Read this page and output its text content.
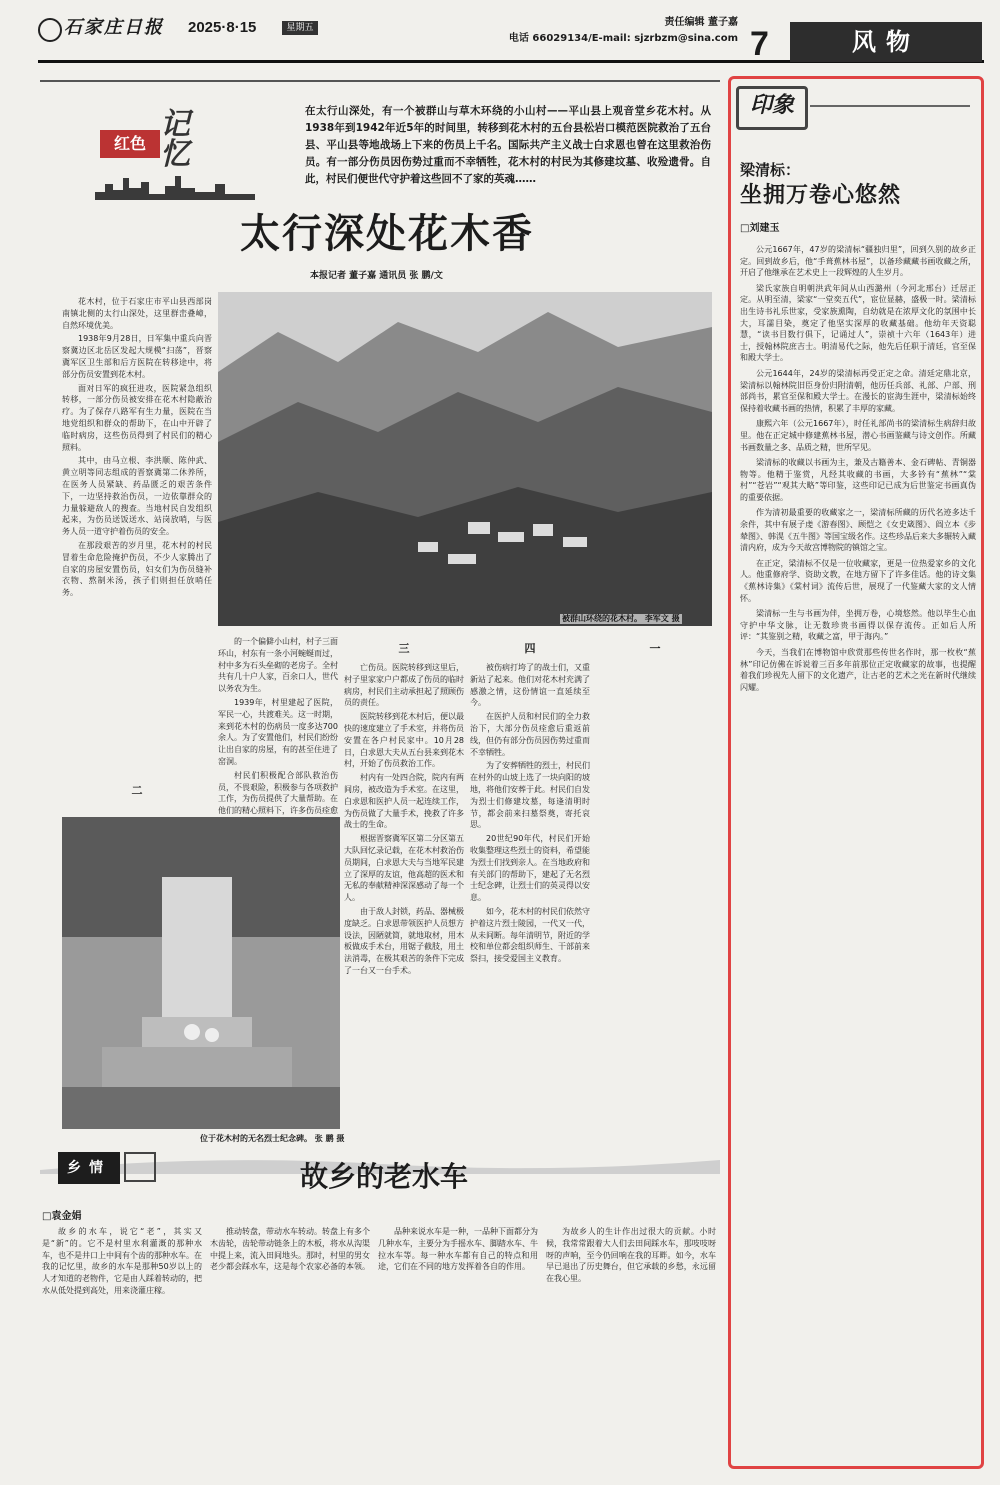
石家庄日报 2025·8·15	星期五	责任编辑 董子嘉
电话 66029134/E-mail: sjzrbzm@sina.com 7	风物
印象
梁清标：
坐拥万卷心悠然
□刘建玉

公元1667年，47岁的梁清标“疆独归里”，回到久别的故乡正定。回到故乡后，他“手葺蕉林书屋”，以备珍藏藏书画收藏之所，开启了他继承在艺术史上一段辉煌的人生岁月。

梁氏家族自明朝洪武年间从山西潞州（今河北邢台）迁居正定。从明至清，梁家“一堂奕五代”，宦位显赫，盛极一时。梁清标出生诗书礼乐世家，受家族熏陶，自幼就是在浓厚文化的氛围中长大，耳濡目染，奠定了他坚实深厚的收藏基础。他幼年天资聪慧，“读书目数行俱下，记诵过人”，崇祯十六年（1643年）进士，授翰林院庶吉士。明清易代之际，他先后任职于清廷，官至保和殿大学士。

公元1644年，24岁的梁清标再受正定之命。清廷定鼎北京，梁清标以翰林院旧臣身份归附清朝，他历任兵部、礼部、户部、刑部尚书，累官至保和殿大学士。在漫长的宦海生涯中，梁清标始终保持着收藏书画的热情，积累了丰厚的家藏。

康熙六年（公元1667年），时任礼部尚书的梁清标生病辞归故里。他在正定城中修建蕉林书屋，潜心书画鉴藏与诗文创作。所藏书画数量之多、品质之精，世所罕见。

梁清标的收藏以书画为主，兼及古籍善本、金石碑帖、青铜器物等。他精于鉴赏，凡经其收藏的书画，大多钤有“蕉林”“棠村”“苍岩”“观其大略”等印鉴，这些印记已成为后世鉴定书画真伪的重要依据。

作为清初最重要的收藏家之一，梁清标所藏的历代名迹多达千余件，其中有展子虔《游春图》、顾恺之《女史箴图》、阎立本《步辇图》、韩滉《五牛图》等国宝级名作。这些珍品后来大多辗转入藏清内府，成为今天故宫博物院的镇馆之宝。

在正定，梁清标不仅是一位收藏家，更是一位热爱家乡的文化人。他重修府学、资助文教，在地方留下了许多佳话。他的诗文集《蕉林诗集》《棠村词》流传后世，展现了一代鉴藏大家的文人情怀。

梁清标一生与书画为伴，坐拥万卷，心境悠然。他以毕生心血守护中华文脉，让无数珍贵书画得以保存流传。正如后人所评：“其鉴别之精，收藏之富，甲于海内。”

今天，当我们在博物馆中欣赏那些传世名作时，那一枚枚“蕉林”印记仿佛在诉说着三百多年前那位正定收藏家的故事，也提醒着我们珍视先人留下的文化遗产，让古老的艺术之光在新时代继续闪耀。

红色
记忆
在太行山深处，有一个被群山与草木环绕的小山村——平山县上观音堂乡花木村。从1938年到1942年近5年的时间里，转移到花木村的五台县松岩口模范医院救治了五台县、平山县等地战场上下来的伤员上千名。国际共产主义战士白求恩也曾在这里救治伤员。有一部分伤员因伤势过重而不幸牺牲，花木村的村民为其修建坟墓、收殓遗骨。自此，村民们便世代守护着这些回不了家的英魂……
太行深处花木香
本报记者 董子嘉 通讯员 张 鹏/文
被群山环绕的花木村。 李军文 摄

花木村，位于石家庄市平山县西部岗南镇北侧的太行山深处，这里群峦叠嶂，自然环境优美。

1938年9月28日，日军集中重兵向晋察冀边区北岳区发起大规模“扫荡”，晋察冀军区卫生部和后方医院在转移途中，将部分伤员安置到花木村。

面对日军的疯狂进攻，医院紧急组织转移，一部分伤员被安排在花木村隐蔽治疗。为了保存八路军有生力量，医院在当地党组织和群众的帮助下，在山中开辟了临时病房，这些伤员得到了村民们的精心照料。

其中，由马立根、李洪顺、陈仲武、黄立明等同志组成的晋察冀第二休养所，在医务人员紧缺、药品匮乏的艰苦条件下，一边坚持救治伤员，一边依靠群众的力量躲避敌人的搜查。当地村民自发组织起来，为伤员送饭送水、站岗放哨，与医务人员一道守护着伤员的安全。

在那段艰苦的岁月里，花木村的村民冒着生命危险掩护伤员，不少人家腾出了自家的房屋安置伤员，妇女们为伤员缝补衣物、熬制米汤，孩子们则担任放哨任务。

二

的一个偏僻小山村，村子三面环山，村东有一条小河蜿蜒而过，村中多为石头垒砌的老房子。全村共有几十户人家，百余口人，世代以务农为生。

1939年，村里建起了医院，军民一心，共渡难关。这一时期，来到花木村的伤病员一度多达700余人。为了安置他们，村民们纷纷让出自家的房屋，有的甚至住进了窑洞。

村民们积极配合部队救治伤员，不畏艰险，积极参与各项救护工作，为伤员提供了大量帮助。在他们的精心照料下，许多伤员痊愈

三

亡伤员。医院转移到这里后，村子里家家户户都成了伤员的临时病房，村民们主动承担起了照顾伤员的责任。

医院转移到花木村后，便以最快的速度建立了手术室，并将伤员安置在各户村民家中。10月28日，白求恩大夫从五台县来到花木村，开始了伤员救治工作。

村内有一处四合院，院内有两间房，被改造为手术室。在这里，白求恩和医护人员一起连续工作，为伤员做了大量手术，挽救了许多战士的生命。

根据晋察冀军区第二分区第五大队回忆录记载，在花木村救治伤员期间，白求恩大夫与当地军民建立了深厚的友谊，他高超的医术和无私的奉献精神深深感动了每一个人。

由于敌人封锁，药品、器械极度缺乏。白求恩带领医护人员想方设法，因陋就简，就地取材，用木板做成手术台，用锯子截肢，用土法消毒，在极其艰苦的条件下完成了一台又一台手术。

四

被伤病打垮了的战士们，又重新站了起来。他们对花木村充满了感激之情，这份情谊一直延续至今。

在医护人员和村民们的全力救治下，大部分伤员痊愈后重返前线，但仍有部分伤员因伤势过重而不幸牺牲。

为了安葬牺牲的烈士，村民们在村外的山坡上选了一块向阳的坡地，将他们安葬于此。村民们自发为烈士们修建坟墓，每逢清明时节，都会前来扫墓祭奠，寄托哀思。

20世纪90年代，村民们开始收集整理这些烈士的资料，希望能为烈士们找到亲人。在当地政府和有关部门的帮助下，建起了无名烈士纪念碑，让烈士们的英灵得以安息。

如今，花木村的村民们依然守护着这片烈士陵园，一代又一代，从未间断。每年清明节，附近的学校和单位都会组织师生、干部前来祭扫，接受爱国主义教育。

一

位于花木村的无名烈士纪念碑。 张 鹏 摄
乡情	故乡的老水车
□袁金娟

故乡的水车，说它“老”，其实又是“新”的。它不是村里水利灌溉的那种水车，也不是井口上中间有个齿的那种水车。在我的记忆里，故乡的水车是那种50岁以上的人才知道的老物件，它是由人踩着转动的，把水从低处提到高处，用来浇灌庄稼。

推动转盘，带动水车转动。转盘上有多个木齿轮，齿轮带动链条上的木板，将水从沟渠中提上来，流入田间地头。那时，村里的男女老少都会踩水车，这是每个农家必备的本领。

品种来说水车是一种，一品种下面都分为几种水车，主要分为手摇水车、脚踏水车、牛拉水车等。每一种水车都有自己的特点和用途，它们在不同的地方发挥着各自的作用。

为故乡人的生计作出过很大的贡献。小时候，我常常跟着大人们去田间踩水车，那吱吱呀呀的声响，至今仍回响在我的耳畔。如今，水车早已退出了历史舞台，但它承载的乡愁，永远留在我心里。
